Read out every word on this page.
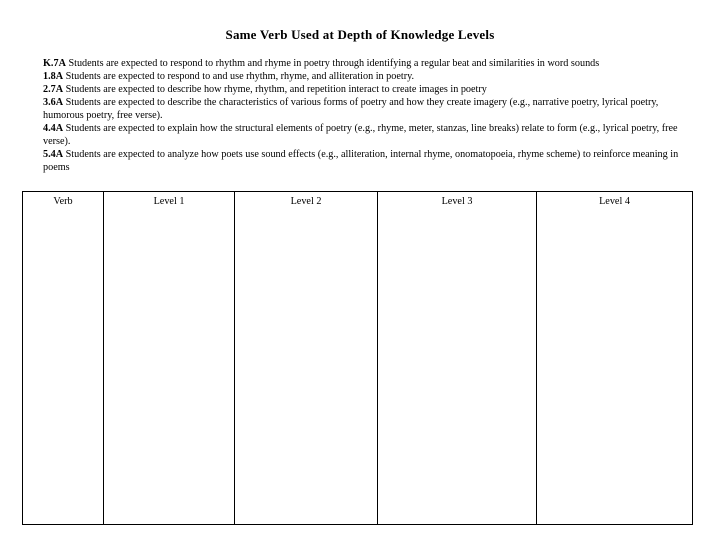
Same Verb Used at Depth of Knowledge Levels

K.7A Students are expected to respond to rhythm and rhyme in poetry through identifying a regular beat and similarities in word sounds

1.8A Students are expected to respond to and use rhythm, rhyme, and alliteration in poetry.

2.7A Students are expected to describe how rhyme, rhythm, and repetition interact to create images in poetry

3.6A Students are expected to describe the characteristics of various forms of poetry and how they create imagery (e.g., narrative poetry, lyrical poetry, humorous poetry, free verse).

4.4A Students are expected to explain how the structural elements of poetry (e.g., rhyme, meter, stanzas, line breaks) relate to form (e.g., lyrical poetry, free verse).

5.4A Students are expected to analyze how poets use sound effects (e.g., alliteration, internal rhyme, onomatopoeia, rhyme scheme) to reinforce meaning in poems

Verb	Level 1	Level 2	Level 3	Level 4
